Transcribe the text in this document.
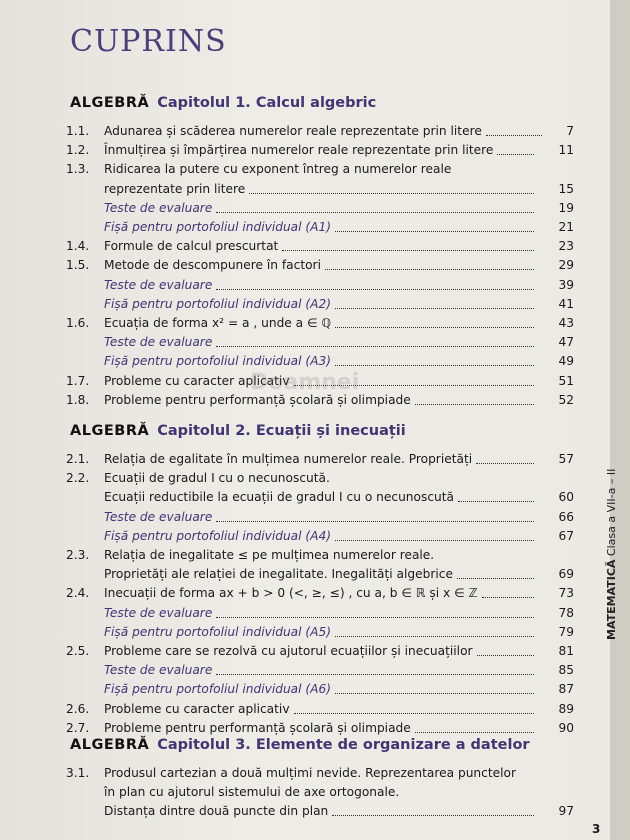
CUPRINS
ALGEBRĂ Capitolul 1. Calcul algebric
1.1.	Adunarea și scăderea numerelor reale reprezentate prin litere	7
1.2.	Înmulțirea și împărțirea numerelor reale reprezentate prin litere	11
1.3.	Ridicarea la putere cu exponent întreg a numerelor reale
reprezentate prin litere	15
Teste de evaluare	19
Fișă pentru portofoliul individual (A1)	21
1.4.	Formule de calcul prescurtat	23
1.5.	Metode de descompunere în factori	29
Teste de evaluare	39
Fișă pentru portofoliul individual (A2)	41
1.6.	Ecuația de forma x² = a , unde a ∈ ℚ	43
Teste de evaluare	47
Fișă pentru portofoliul individual (A3)	49
1.7.	Probleme cu caracter aplicativ	51
1.8.	Probleme pentru performanță școlară și olimpiade	52
ALGEBRĂ Capitolul 2. Ecuații și inecuații
2.1.	Relația de egalitate în mulțimea numerelor reale. Proprietăți	57
2.2.	Ecuații de gradul I cu o necunoscută.
Ecuații reductibile la ecuații de gradul I cu o necunoscută	60
Teste de evaluare	66
Fișă pentru portofoliul individual (A4)	67
2.3.	Relația de inegalitate ≤ pe mulțimea numerelor reale.
Proprietăți ale relației de inegalitate. Inegalități algebrice	69
2.4.	Inecuații de forma ax + b > 0 (<, ≥, ≤) , cu a, b ∈ ℝ și x ∈ ℤ	73
Teste de evaluare	78
Fișă pentru portofoliul individual (A5)	79
2.5.	Probleme care se rezolvă cu ajutorul ecuațiilor și inecuațiilor	81
Teste de evaluare	85
Fișă pentru portofoliul individual (A6)	87
2.6.	Probleme cu caracter aplicativ	89
2.7.	Probleme pentru performanță școlară și olimpiade	90
ALGEBRĂ Capitolul 3. Elemente de organizare a datelor
3.1.	Produsul cartezian a două mulțimi nevide. Reprezentarea punctelor
în plan cu ajutorul sistemului de axe ortogonale.
Distanța dintre două puncte din plan	97
Doamnei
MATEMATICĂ Clasa a VII-a – II
3
